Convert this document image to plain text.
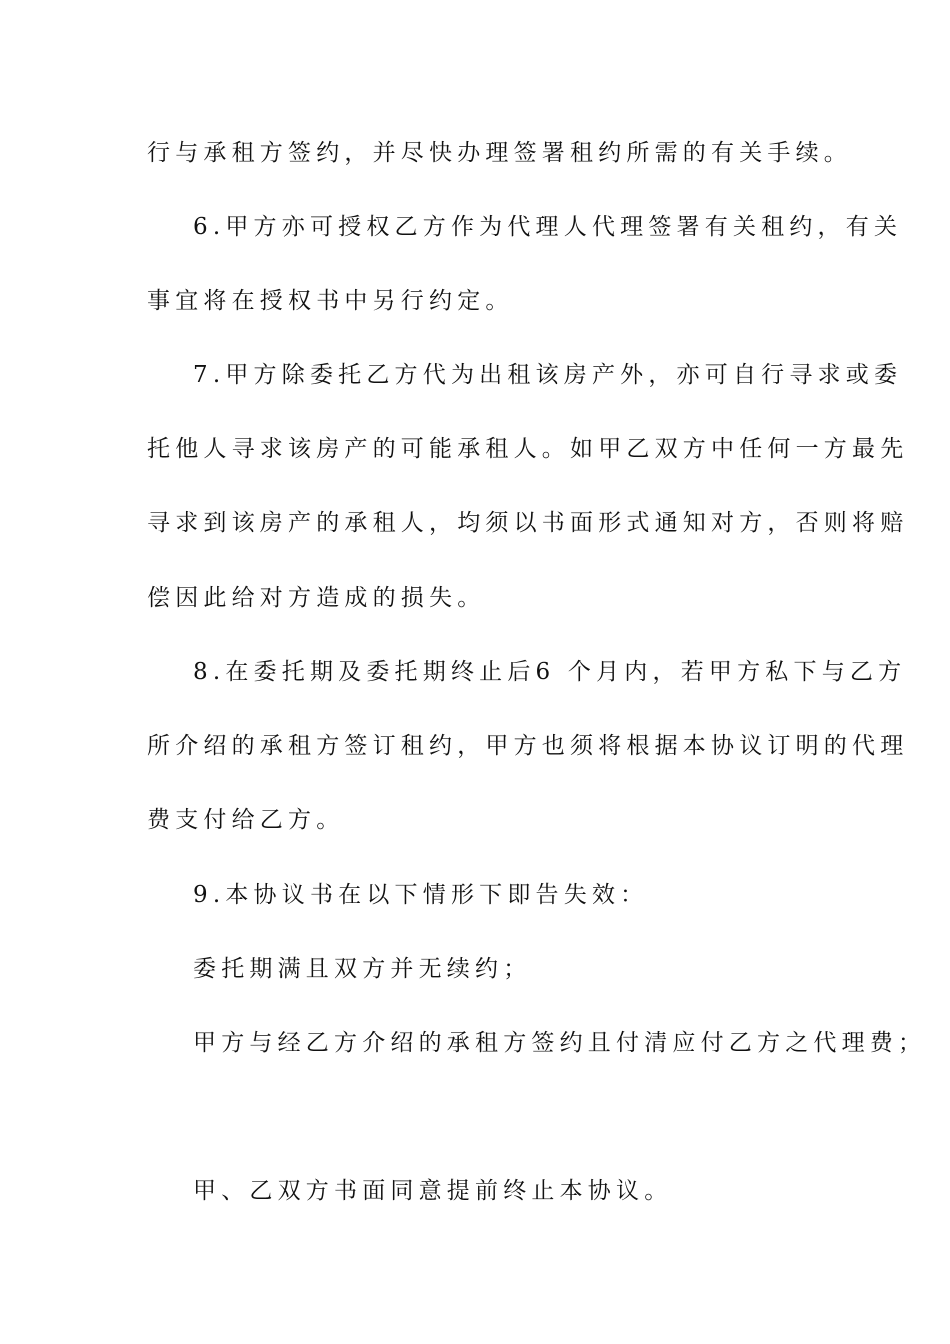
行与承租方签约，并尽快办理签署租约所需的有关手续。

6.甲方亦可授权乙方作为代理人代理签署有关租约，有关

事宜将在授权书中另行约定。

7.甲方除委托乙方代为出租该房产外，亦可自行寻求或委

托他人寻求该房产的可能承租人。如甲乙双方中任何一方最先

寻求到该房产的承租人，均须以书面形式通知对方，否则将赔

偿因此给对方造成的损失。

8.在委托期及委托期终止后6 个月内，若甲方私下与乙方

所介绍的承租方签订租约，甲方也须将根据本协议订明的代理

费支付给乙方。

9.本协议书在以下情形下即告失效：

委托期满且双方并无续约；

甲方与经乙方介绍的承租方签约且付清应付乙方之代理费；

甲、乙双方书面同意提前终止本协议。
